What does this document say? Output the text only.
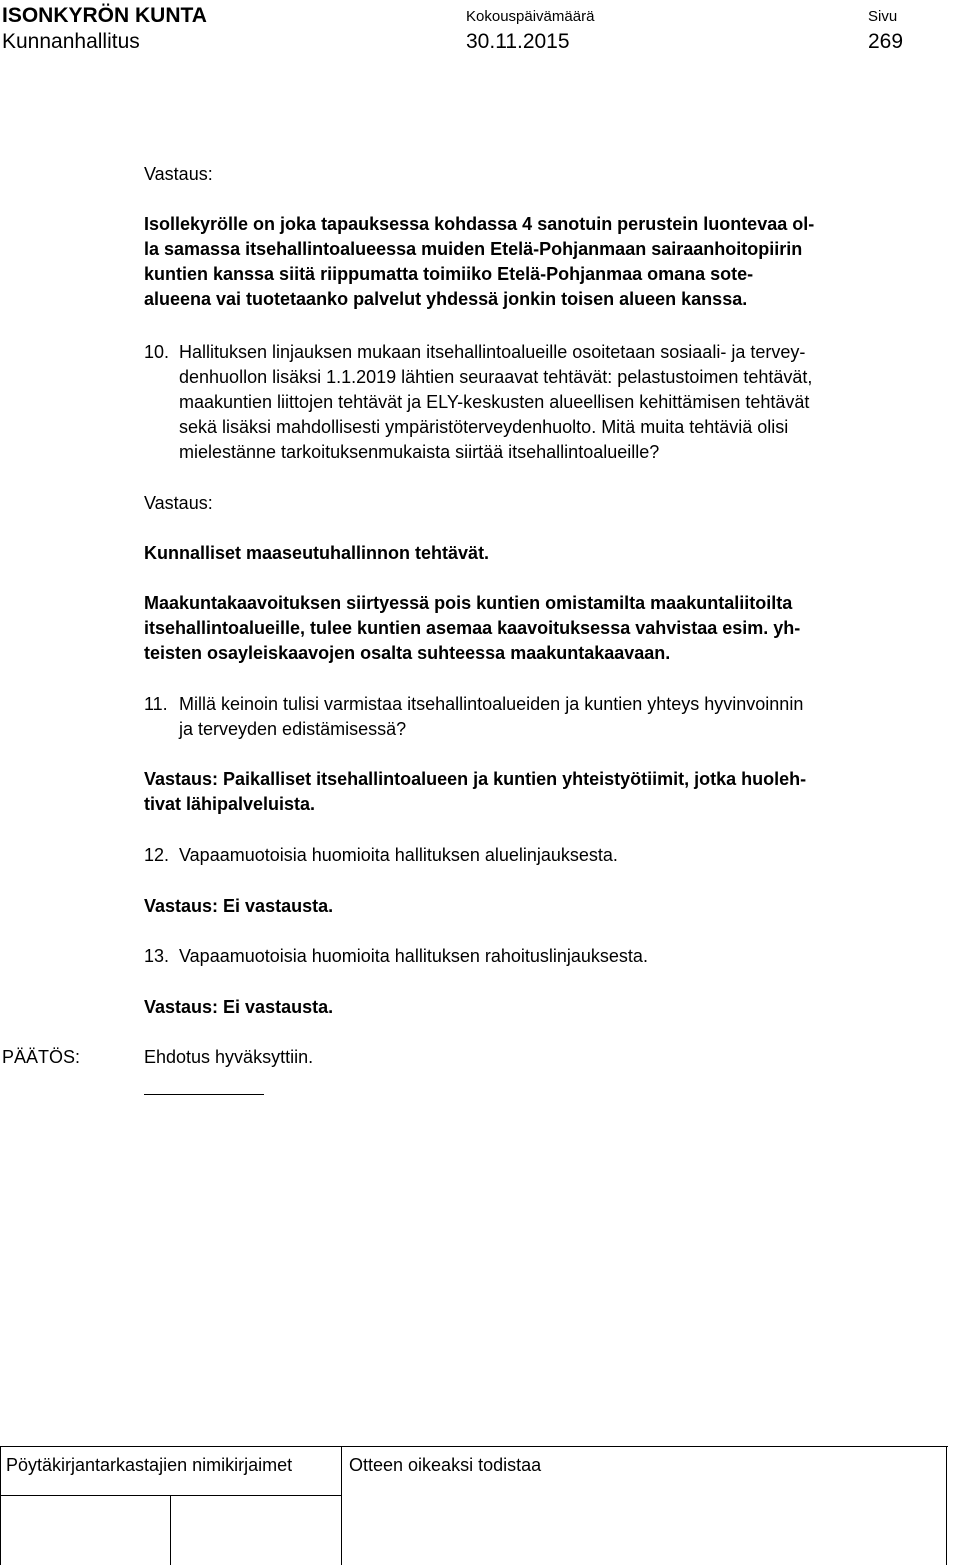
ISONKYRÖN KUNTA
Kunnanhallitus
Kokouspäivämäärä
30.11.2015
Sivu
269
Vastaus:
Isollekyrölle on joka tapauksessa kohdassa 4 sanotuin perustein luontevaa ol-
la samassa itsehallintoalueessa muiden Etelä-Pohjanmaan sairaanhoitopiirin
kuntien kanssa siitä riippumatta toimiiko Etelä-Pohjanmaa omana sote-
alueena vai tuotetaanko palvelut yhdessä jonkin toisen alueen kanssa.
10. Hallituksen linjauksen mukaan itsehallintoalueille osoitetaan sosiaali- ja tervey-
denhuollon lisäksi 1.1.2019 lähtien seuraavat tehtävät: pelastustoimen tehtävät,
maakuntien liittojen tehtävät ja ELY-keskusten alueellisen kehittämisen tehtävät
sekä lisäksi mahdollisesti ympäristöterveydenhuolto. Mitä muita tehtäviä olisi
mielestänne tarkoituksenmukaista siirtää itsehallintoalueille?
Vastaus:
Kunnalliset maaseutuhallinnon tehtävät.
Maakuntakaavoituksen siirtyessä pois kuntien omistamilta maakuntaliitoilta
itsehallintoalueille, tulee kuntien asemaa kaavoituksessa vahvistaa esim. yh-
teisten osayleiskaavojen osalta suhteessa maakuntakaavaan.
11. Millä keinoin tulisi varmistaa itsehallintoalueiden ja kuntien yhteys hyvinvoinnin
ja terveyden edistämisessä?
Vastaus: Paikalliset itsehallintoalueen ja kuntien yhteistyötiimit, jotka huoleh-
tivat lähipalveluista.
12. Vapaamuotoisia huomioita hallituksen aluelinjauksesta.
Vastaus: Ei vastausta.
13. Vapaamuotoisia huomioita hallituksen rahoituslinjauksesta.
Vastaus: Ei vastausta.
PÄÄTÖS:	Ehdotus hyväksyttiin.
Pöytäkirjantarkastajien nimikirjaimet	Otteen oikeaksi todistaa
